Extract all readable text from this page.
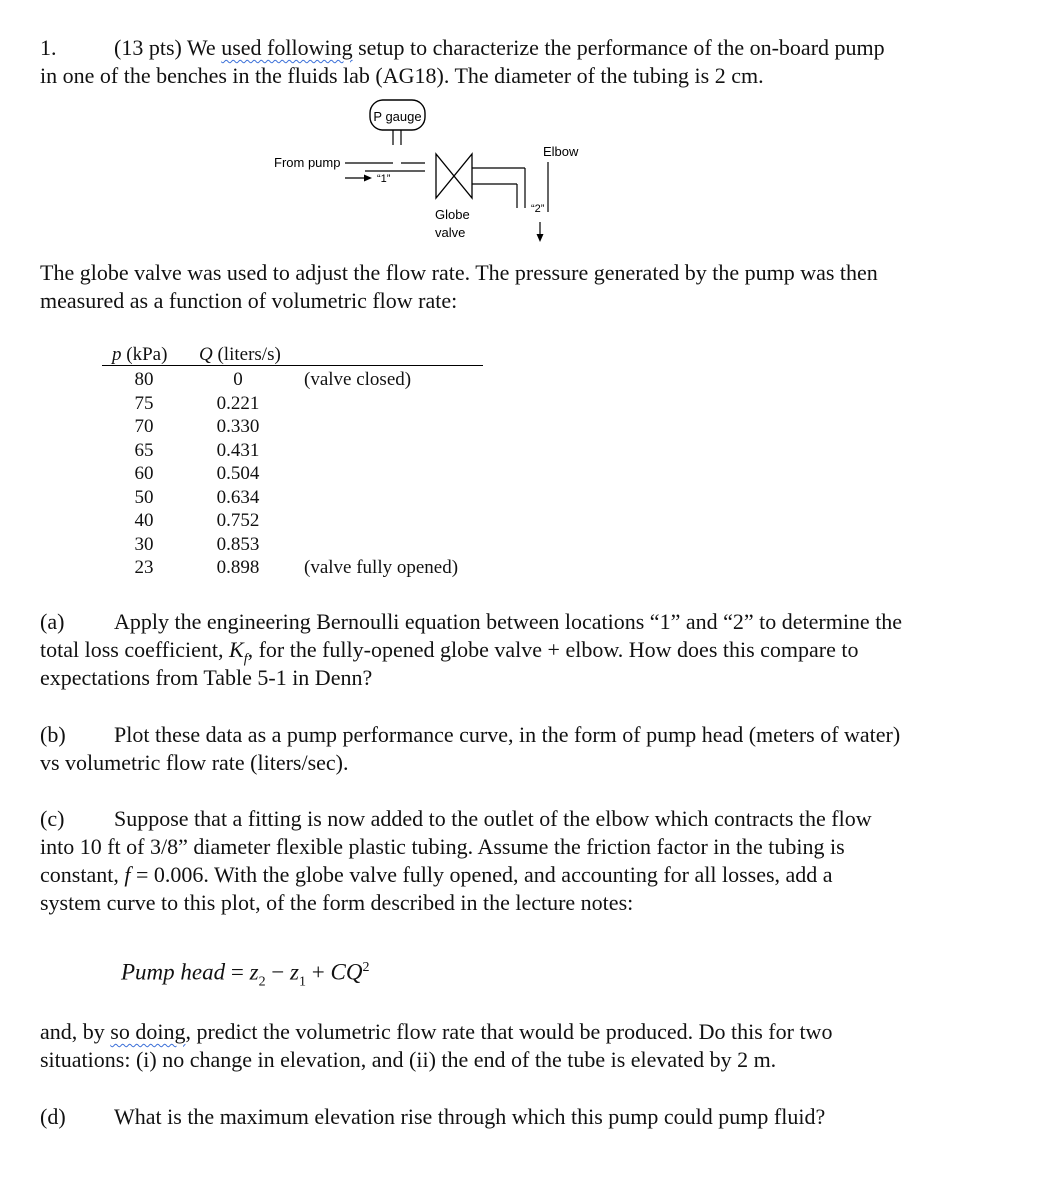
1.	(13 pts) We used following setup to characterize the performance of the on-board pump
in one of the benches in the fluids lab (AG18). The diameter of the tubing is 2 cm.
P gauge
From pump
“1”
Elbow
“2”
Globe
valve
The globe valve was used to adjust the flow rate. The pressure generated by the pump was then
measured as a function of volumetric flow rate:
p (kPa) Q (liters/s)
80
75
70
65
60
50
40
30
23
0
0.221
0.330
0.431
0.504
0.634
0.752
0.853
0.898
(valve closed)
(valve fully opened)
(a) Apply the engineering Bernoulli equation between locations “1” and “2” to determine the
total loss coefficient, $K_f$, for the fully-opened globe valve + elbow. How does this compare to
expectations from Table 5-1 in Denn?
(b) Plot these data as a pump performance curve, in the form of pump head (meters of water)
vs volumetric flow rate (liters/sec).
(c) Suppose that a fitting is now added to the outlet of the elbow which contracts the flow
into 10 ft of 3/8” diameter flexible plastic tubing. Assume the friction factor in the tubing is
constant, f = 0.006. With the globe valve fully opened, and accounting for all losses, add a
system curve to this plot, of the form described in the lecture notes:
Pump head = $z_2 - z_1 + CQ^2$
and, by so doing, predict the volumetric flow rate that would be produced. Do this for two
situations: (i) no change in elevation, and (ii) the end of the tube is elevated by 2 m.
(d) What is the maximum elevation rise through which this pump could pump fluid?
